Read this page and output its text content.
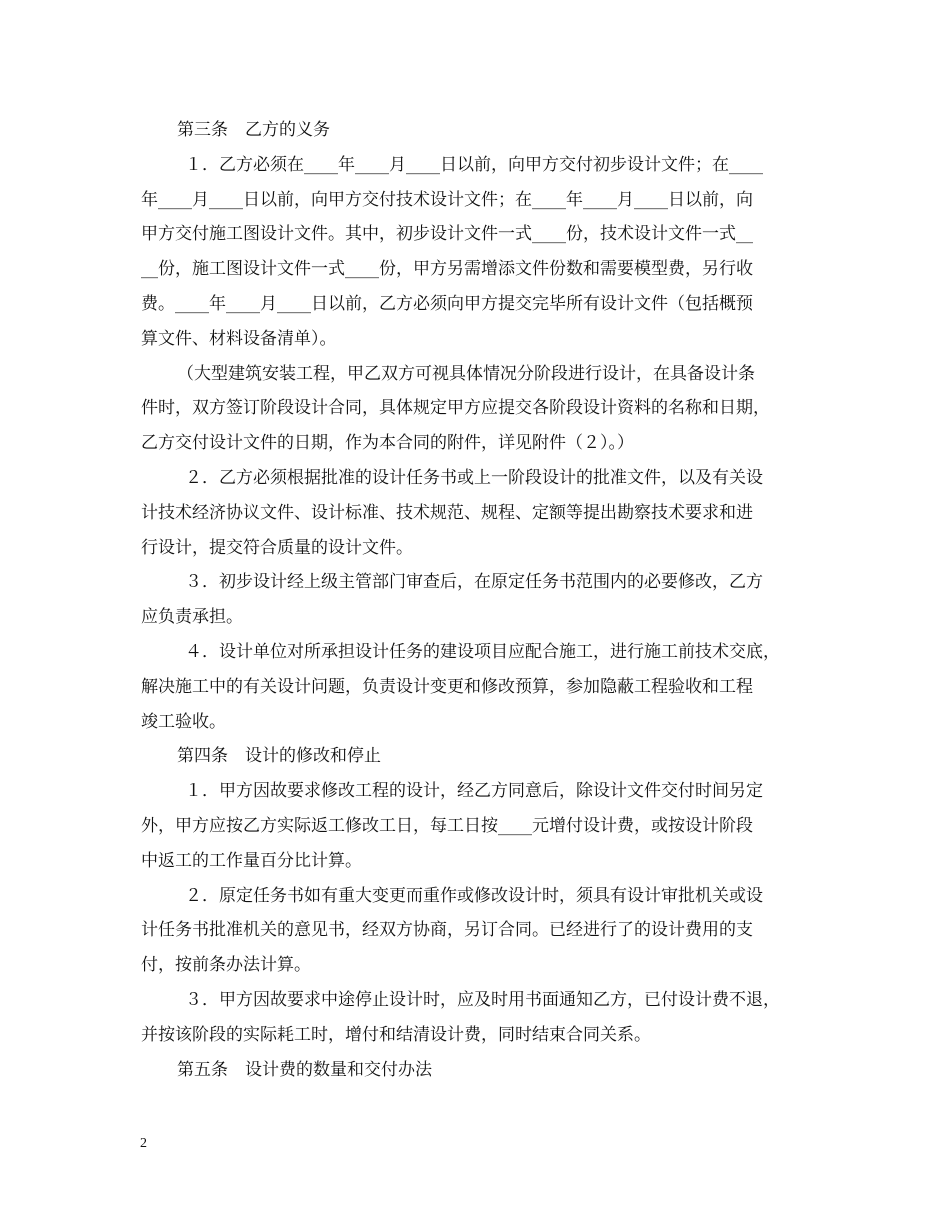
第三条　乙方的义务
１．乙方必须在____年____月____日以前，向甲方交付初步设计文件；在____
年____月____日以前，向甲方交付技术设计文件；在____年____月____日以前，向
甲方交付施工图设计文件。其中，初步设计文件一式____份，技术设计文件一式__
__份，施工图设计文件一式____份，甲方另需增添文件份数和需要模型费，另行收
费。____年____月____日以前，乙方必须向甲方提交完毕所有设计文件（包括概预
算文件、材料设备清单）。
（大型建筑安装工程，甲乙双方可视具体情况分阶段进行设计，在具备设计条
件时，双方签订阶段设计合同，具体规定甲方应提交各阶段设计资料的名称和日期，
乙方交付设计文件的日期，作为本合同的附件，详见附件（２）。）
２．乙方必须根据批准的设计任务书或上一阶段设计的批准文件，以及有关设
计技术经济协议文件、设计标准、技术规范、规程、定额等提出勘察技术要求和进
行设计，提交符合质量的设计文件。
３．初步设计经上级主管部门审查后，在原定任务书范围内的必要修改，乙方
应负责承担。
４．设计单位对所承担设计任务的建设项目应配合施工，进行施工前技术交底，
解决施工中的有关设计问题，负责设计变更和修改预算，参加隐蔽工程验收和工程
竣工验收。
第四条　设计的修改和停止
１．甲方因故要求修改工程的设计，经乙方同意后，除设计文件交付时间另定
外，甲方应按乙方实际返工修改工日，每工日按____元增付设计费，或按设计阶段
中返工的工作量百分比计算。
２．原定任务书如有重大变更而重作或修改设计时，须具有设计审批机关或设
计任务书批准机关的意见书，经双方协商，另订合同。已经进行了的设计费用的支
付，按前条办法计算。
３．甲方因故要求中途停止设计时，应及时用书面通知乙方，已付设计费不退，
并按该阶段的实际耗工时，增付和结清设计费，同时结束合同关系。
第五条　设计费的数量和交付办法
2
